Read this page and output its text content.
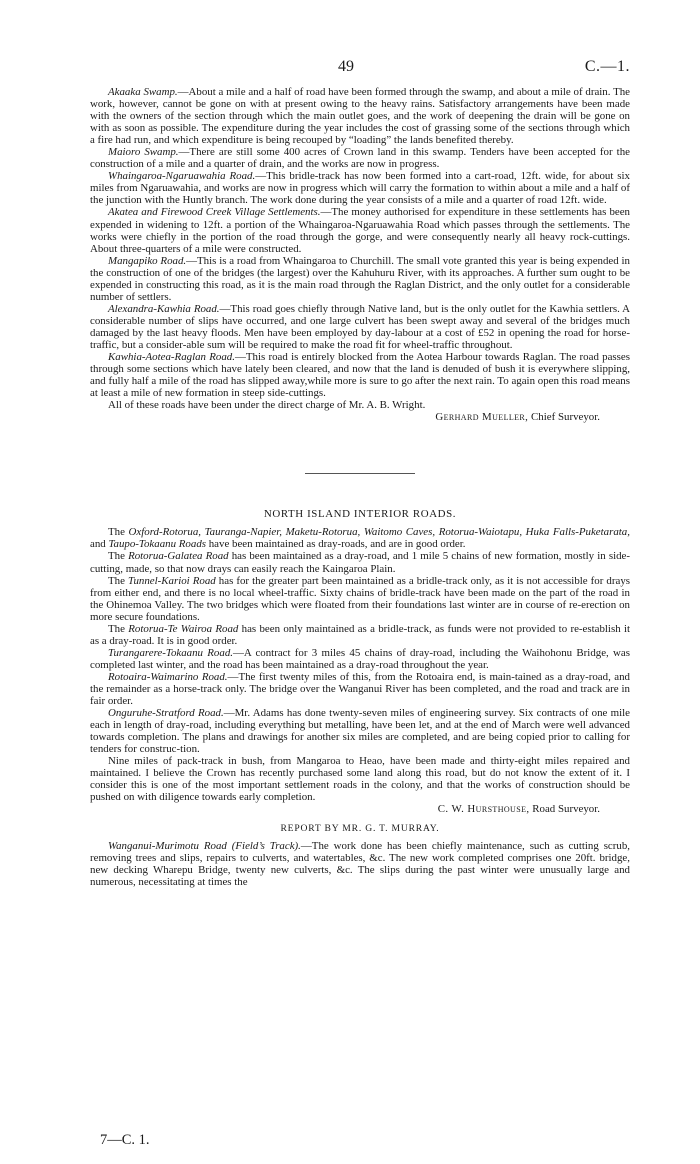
49	C.—1.

Akaaka Swamp.—About a mile and a half of road have been formed through the swamp, and about a mile of drain. The work, however, cannot be gone on with at present owing to the heavy rains. Satisfactory arrangements have been made with the owners of the section through which the main outlet goes, and the work of deepening the drain will be gone on with as soon as possible. The expenditure during the year includes the cost of grassing some of the sections through which a fire had run, and which expenditure is being recouped by “loading” the lands benefited thereby.

Maioro Swamp.—There are still some 400 acres of Crown land in this swamp. Tenders have been accepted for the construction of a mile and a quarter of drain, and the works are now in progress.

Whaingaroa-Ngaruawahia Road.—This bridle-track has now been formed into a cart-road, 12ft. wide, for about six miles from Ngaruawahia, and works are now in progress which will carry the formation to within about a mile and a half of the junction with the Huntly branch. The work done during the year consists of a mile and a quarter of road 12ft. wide.

Akatea and Firewood Creek Village Settlements.—The money authorised for expenditure in these settlements has been expended in widening to 12ft. a portion of the Whaingaroa-Ngaruawahia Road which passes through the settlements. The works were chiefly in the portion of the road through the gorge, and were consequently nearly all heavy rock-cuttings. About three-quarters of a mile were constructed.

Mangapiko Road.—This is a road from Whaingaroa to Churchill. The small vote granted this year is being expended in the construction of one of the bridges (the largest) over the Kahuhuru River, with its approaches. A further sum ought to be expended in constructing this road, as it is the main road through the Raglan District, and the only outlet for a considerable number of settlers.

Alexandra-Kawhia Road.—This road goes chiefly through Native land, but is the only outlet for the Kawhia settlers. A considerable number of slips have occurred, and one large culvert has been swept away and several of the bridges much damaged by the last heavy floods. Men have been employed by day-labour at a cost of £52 in opening the road for horse-traffic, but a consider-able sum will be required to make the road fit for wheel-traffic throughout.

Kawhia-Aotea-Raglan Road.—This road is entirely blocked from the Aotea Harbour towards Raglan. The road passes through some sections which have lately been cleared, and now that the land is denuded of bush it is everywhere slipping, and fully half a mile of the road has slipped away,while more is sure to go after the next rain. To again open this road means at least a mile of new formation in steep side-cuttings.

All of these roads have been under the direct charge of Mr. A. B. Wright.

Gerhard Mueller, Chief Surveyor.
NORTH ISLAND INTERIOR ROADS.

The Oxford-Rotorua, Tauranga-Napier, Maketu-Rotorua, Waitomo Caves, Rotorua-Waiotapu, Huka Falls-Puketarata, and Taupo-Tokaanu Roads have been maintained as dray-roads, and are in good order.

The Rotorua-Galatea Road has been maintained as a dray-road, and 1 mile 5 chains of new formation, mostly in side-cutting, made, so that now drays can easily reach the Kaingaroa Plain.

The Tunnel-Karioi Road has for the greater part been maintained as a bridle-track only, as it is not accessible for drays from either end, and there is no local wheel-traffic. Sixty chains of bridle-track have been made on the part of the road in the Ohinemoa Valley. The two bridges which were floated from their foundations last winter are in course of re-erection on more secure foundations.

The Rotorua-Te Wairoa Road has been only maintained as a bridle-track, as funds were not provided to re-establish it as a dray-road. It is in good order.

Turangarere-Tokaanu Road.—A contract for 3 miles 45 chains of dray-road, including the Waihohonu Bridge, was completed last winter, and the road has been maintained as a dray-road throughout the year.

Rotoaira-Waimarino Road.—The first twenty miles of this, from the Rotoaira end, is main-tained as a dray-road, and the remainder as a horse-track only. The bridge over the Wanganui River has been completed, and the road and track are in fair order.

Onguruhe-Stratford Road.—Mr. Adams has done twenty-seven miles of engineering survey. Six contracts of one mile each in length of dray-road, including everything but metalling, have been let, and at the end of March were well advanced towards completion. The plans and drawings for another six miles are completed, and are being copied prior to calling for tenders for construc-tion.

Nine miles of pack-track in bush, from Mangaroa to Heao, have been made and thirty-eight miles repaired and maintained. I believe the Crown has recently purchased some land along this road, but do not know the extent of it. I consider this is one of the most important settlement roads in the colony, and that the works of construction should be pushed on with diligence towards early completion.

C. W. Hursthouse, Road Surveyor.
REPORT BY MR. G. T. MURRAY.

Wanganui-Murimotu Road (Field’s Track).—The work done has been chiefly maintenance, such as cutting scrub, removing trees and slips, repairs to culverts, and watertables, &c. The new work completed comprises one 20ft. bridge, new decking Wharepu Bridge, twenty new culverts, &c. The slips during the past winter were unusually large and numerous, necessitating at times the

7—C. 1.
